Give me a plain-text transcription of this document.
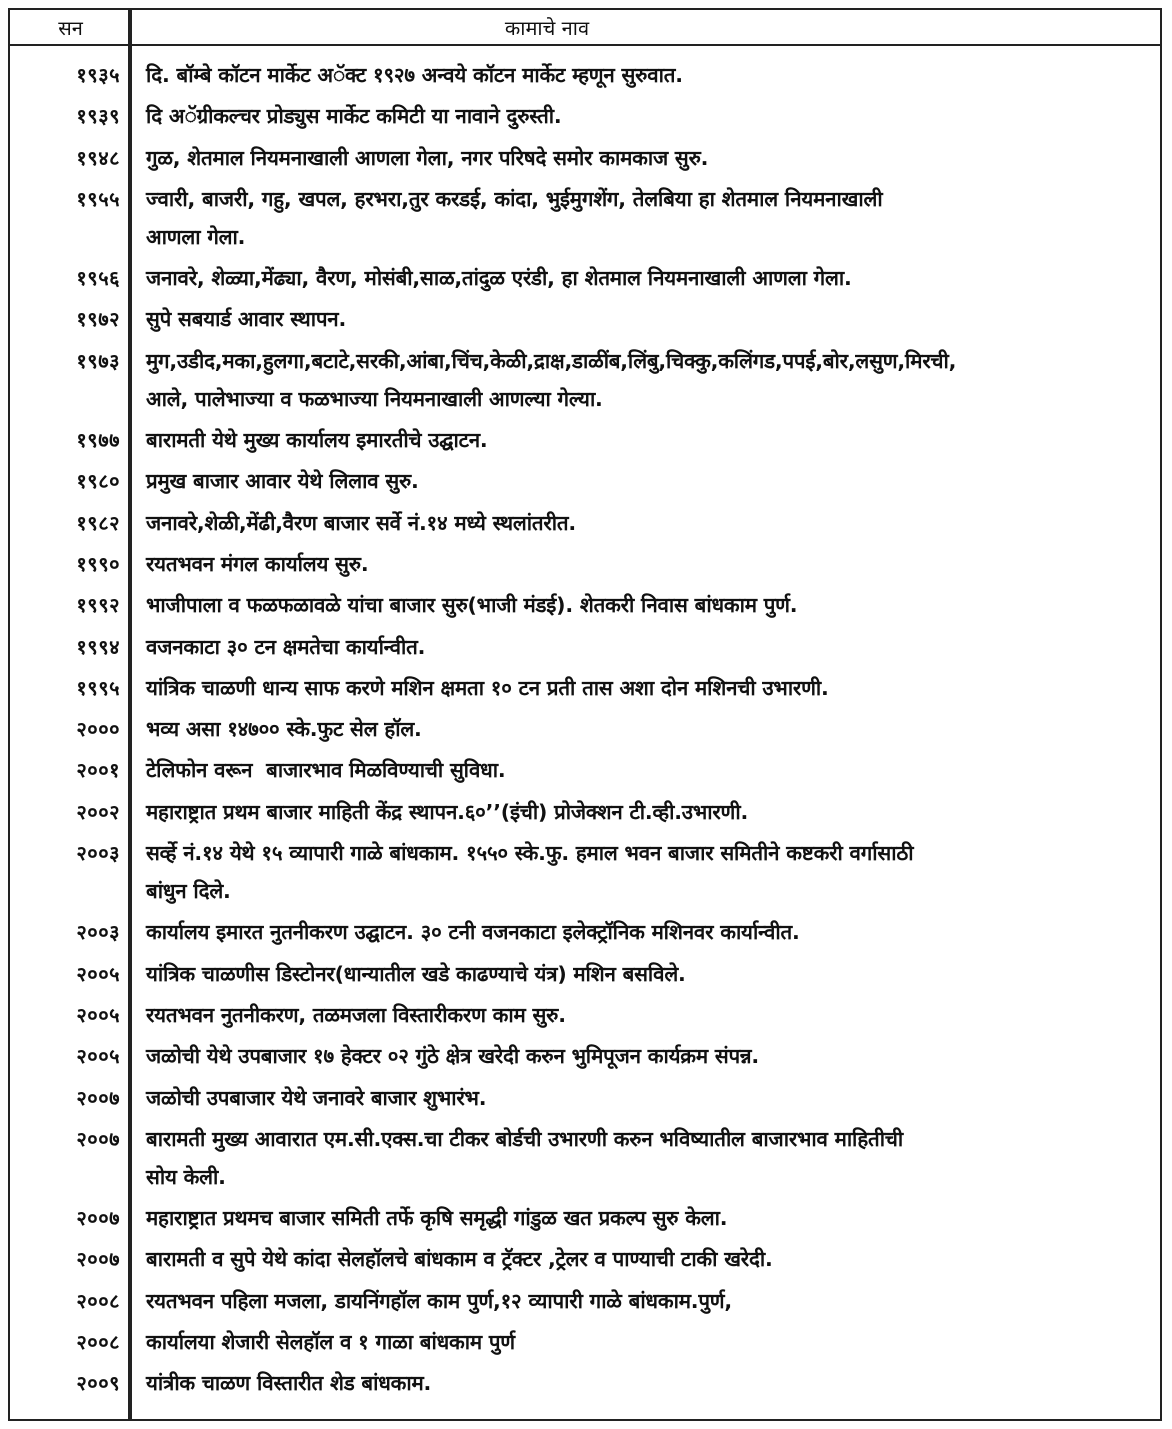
सन	कामाचे नाव
१९३५ दि. बॉम्बे कॉटन मार्केट अॅक्ट १९२७ अन्वये कॉटन मार्केट म्हणून सुरुवात.
१९३९ दि अॅग्रीकल्चर प्रोड्युस मार्केट कमिटी या नावाने दुरुस्ती.
१९४८ गुळ, शेतमाल नियमनाखाली आणला गेला, नगर परिषदे समोर कामकाज सुरु.
१९५५ ज्वारी, बाजरी, गहु, खपल, हरभरा,तुर करडई, कांदा, भुईमुगशेंग, तेलबिया हा शेतमाल नियमनाखाली
आणला गेला.
१९५६ जनावरे, शेळ्या,मेंढ्या, वैरण, मोसंबी,साळ,तांदुळ एरंडी, हा शेतमाल नियमनाखाली आणला गेला.
१९७२ सुपे सबयार्ड आवार स्थापन.
१९७३ मुग,उडीद,मका,हुलगा,बटाटे,सरकी,आंबा,चिंच,केळी,द्राक्ष,डाळींब,लिंबु,चिक्कु,कलिंगड,पपई,बोर,लसुण,मिरची,
आले, पालेभाज्या व फळभाज्या नियमनाखाली आणल्या गेल्या.
१९७७ बारामती येथे मुख्य कार्यालय इमारतीचे उद्घाटन.
१९८० प्रमुख बाजार आवार येथे लिलाव सुरु.
१९८२ जनावरे,शेळी,मेंढी,वैरण बाजार सर्वे नं.१४ मध्ये स्थलांतरीत.
१९९० रयतभवन मंगल कार्यालय सुरु.
१९९२ भाजीपाला व फळफळावळे यांचा बाजार सुरु(भाजी मंडई). शेतकरी निवास बांधकाम पुर्ण.
१९९४ वजनकाटा ३० टन क्षमतेचा कार्यान्वीत.
१९९५ यांत्रिक चाळणी धान्य साफ करणे मशिन क्षमता १० टन प्रती तास अशा दोन मशिनची उभारणी.
२००० भव्य असा १४७०० स्के.फुट सेल हॉल.
२००१ टेलिफोन वरून  बाजारभाव मिळविण्याची सुविधा.
२००२ महाराष्ट्रात प्रथम बाजार माहिती केंद्र स्थापन.६०’’(इंची) प्रोजेक्शन टी.व्ही.उभारणी.
२००३ सर्व्हे नं.१४ येथे १५ व्यापारी गाळे बांधकाम. १५५० स्के.फु. हमाल भवन बाजार समितीने कष्टकरी वर्गासाठी
बांधुन दिले.
२००३ कार्यालय इमारत नुतनीकरण उद्घाटन. ३० टनी वजनकाटा इलेक्ट्रॉनिक मशिनवर कार्यान्वीत.
२००५ यांत्रिक चाळणीस डिस्टोनर(धान्यातील खडे काढण्याचे यंत्र) मशिन बसविले.
२००५ रयतभवन नुतनीकरण, तळमजला विस्तारीकरण काम सुरु.
२००५ जळोची येथे उपबाजार १७ हेक्टर ०२ गुंठे क्षेत्र खरेदी करुन भुमिपूजन कार्यक्रम संपन्न.
२००७ जळोची उपबाजार येथे जनावरे बाजार शुभारंभ.
२००७ बारामती मुख्य आवारात एम.सी.एक्स.चा टीकर बोर्डची उभारणी करुन भविष्यातील बाजारभाव माहितीची
सोय केली.
२००७ महाराष्ट्रात प्रथमच बाजार समिती तर्फे कृषि समृद्धी गांडुळ खत प्रकल्प सुरु केला.
२००७ बारामती व सुपे येथे कांदा सेलहॉलचे बांधकाम व ट्रॅक्टर ,ट्रेलर व पाण्याची टाकी खरेदी.
२००८ रयतभवन पहिला मजला, डायनिंगहॉल काम पुर्ण,१२ व्यापारी गाळे बांधकाम.पुर्ण,
२००८ कार्यालया शेजारी सेलहॉल व १ गाळा बांधकाम पुर्ण
२००९ यांत्रीक चाळण विस्तारीत शेड बांधकाम.
